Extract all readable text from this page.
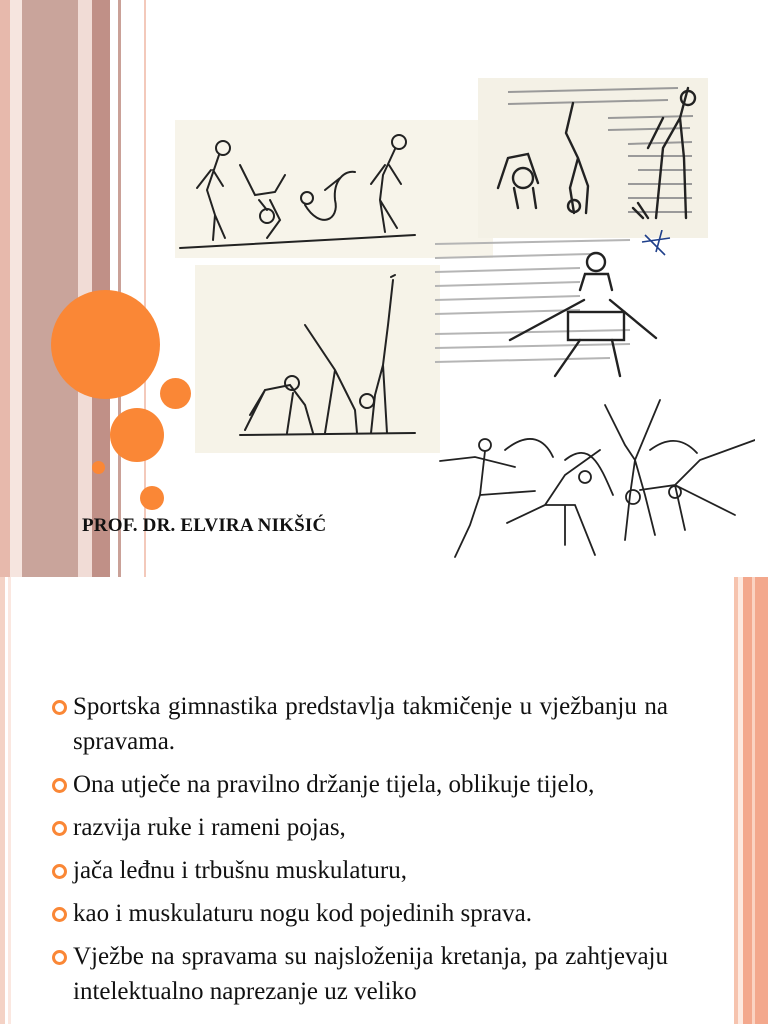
PROF. DR. ELVIRA NIKŠIĆ

Sportska gimnastika predstavlja takmičenje u vježbanju na spravama.
Ona utječe na pravilno držanje tijela, oblikuje tijelo,
razvija ruke i rameni pojas,
jača leđnu i trbušnu muskulaturu,
kao i muskulaturu nogu kod pojedinih sprava.
Vježbe na spravama su najsloženija kretanja, pa zahtjevaju intelektualno naprezanje uz veliko
